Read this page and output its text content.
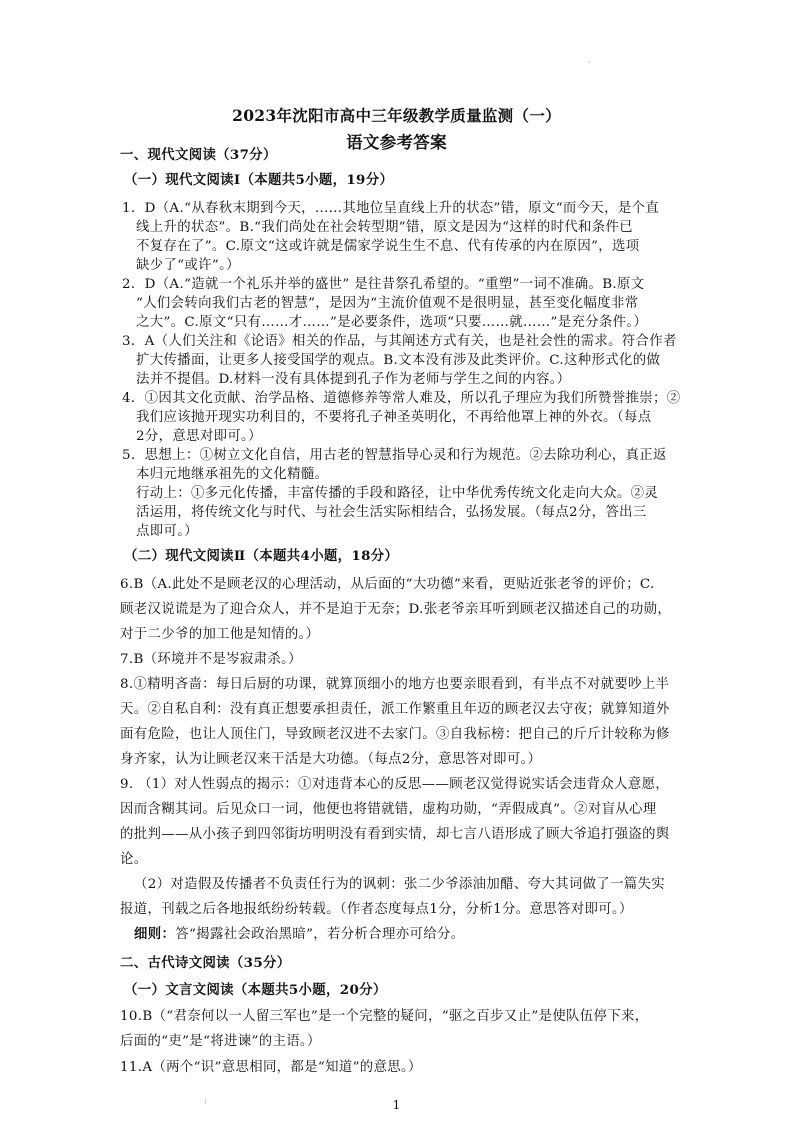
·
2023年沈阳市高中三年级教学质量监测（一）
语文参考答案
一、现代文阅读（37分）
（一）现代文阅读Ⅰ（本题共5小题，19分）
1．D（A.“从春秋末期到今天，……其地位呈直线上升的状态”错，原文“而今天，是个直
线上升的状态”。B.“我们尚处在社会转型期”错，原文是因为“这样的时代和条件已
不复存在了”。C.原文“这或许就是儒家学说生生不息、代有传承的内在原因”，选项
缺少了“或许”。）
2．D（A.“造就一个礼乐并举的盛世” 是往昔祭孔希望的。“重塑”一词不准确。B.原文
“人们会转向我们古老的智慧”，是因为“主流价值观不是很明显，甚至变化幅度非常
之大”。C.原文“只有……才……”是必要条件，选项“只要……就……”是充分条件。）
3．A（人们关注和《论语》相关的作品，与其阐述方式有关，也是社会性的需求。符合作者
扩大传播面，让更多人接受国学的观点。B.文本没有涉及此类评价。C.这种形式化的做
法并不提倡。D.材料一没有具体提到孔子作为老师与学生之间的内容。）
4．①因其文化贡献、治学品格、道德修养等常人难及，所以孔子理应为我们所赞誉推崇；②
我们应该抛开现实功利目的，不要将孔子神圣英明化，不再给他罩上神的外衣。（每点
2分，意思对即可。）
5．思想上：①树立文化自信，用古老的智慧指导心灵和行为规范。②去除功利心，真正返
本归元地继承祖先的文化精髓。
行动上：①多元化传播，丰富传播的手段和路径，让中华优秀传统文化走向大众。②灵
活运用，将传统文化与时代、与社会生活实际相结合，弘扬发展。（每点2分，答出三
点即可。）
（二）现代文阅读Ⅱ（本题共4小题，18分）
6.B（A.此处不是顾老汉的心理活动，从后面的“大功德”来看，更贴近张老爷的评价；C.
顾老汉说谎是为了迎合众人，并不是迫于无奈；D.张老爷亲耳听到顾老汉描述自己的功勋，
对于二少爷的加工他是知情的。）
7.B（环境并不是岑寂肃杀。）
8.①精明吝啬：每日后厨的功课，就算顶细小的地方也要亲眼看到，有半点不对就要吵上半
天。②自私自利：没有真正想要承担责任，派工作繁重且年迈的顾老汉去守夜；就算知道外
面有危险，也让人顶住门，导致顾老汉进不去家门。③自我标榜：把自己的斤斤计较称为修
身齐家，认为让顾老汉来干活是大功德。（每点2分，意思答对即可。）
9. （1）对人性弱点的揭示：①对违背本心的反思——顾老汉觉得说实话会违背众人意愿，
因而含糊其词。后见众口一词，他便也将错就错，虚构功勋，“弄假成真”。②对盲从心理
的批判——从小孩子到四邻街坊明明没有看到实情，却七言八语形成了顾大爷追打强盗的舆
论。
（2）对造假及传播者不负责任行为的讽刺：张二少爷添油加醋、夸大其词做了一篇失实
报道，刊载之后各地报纸纷纷转载。（作者态度每点1分，分析1分。意思答对即可。）
细则：答“揭露社会政治黑暗”，若分析合理亦可给分。
二、古代诗文阅读（35分）
（一）文言文阅读（本题共5小题，20分）
10.B（“君奈何以一人留三军也”是一个完整的疑问，“驱之百步又止”是使队伍停下来，
后面的“吏”是“将进谏”的主语。）
11.A（两个“识”意思相同，都是“知道”的意思。）
⁝	1
